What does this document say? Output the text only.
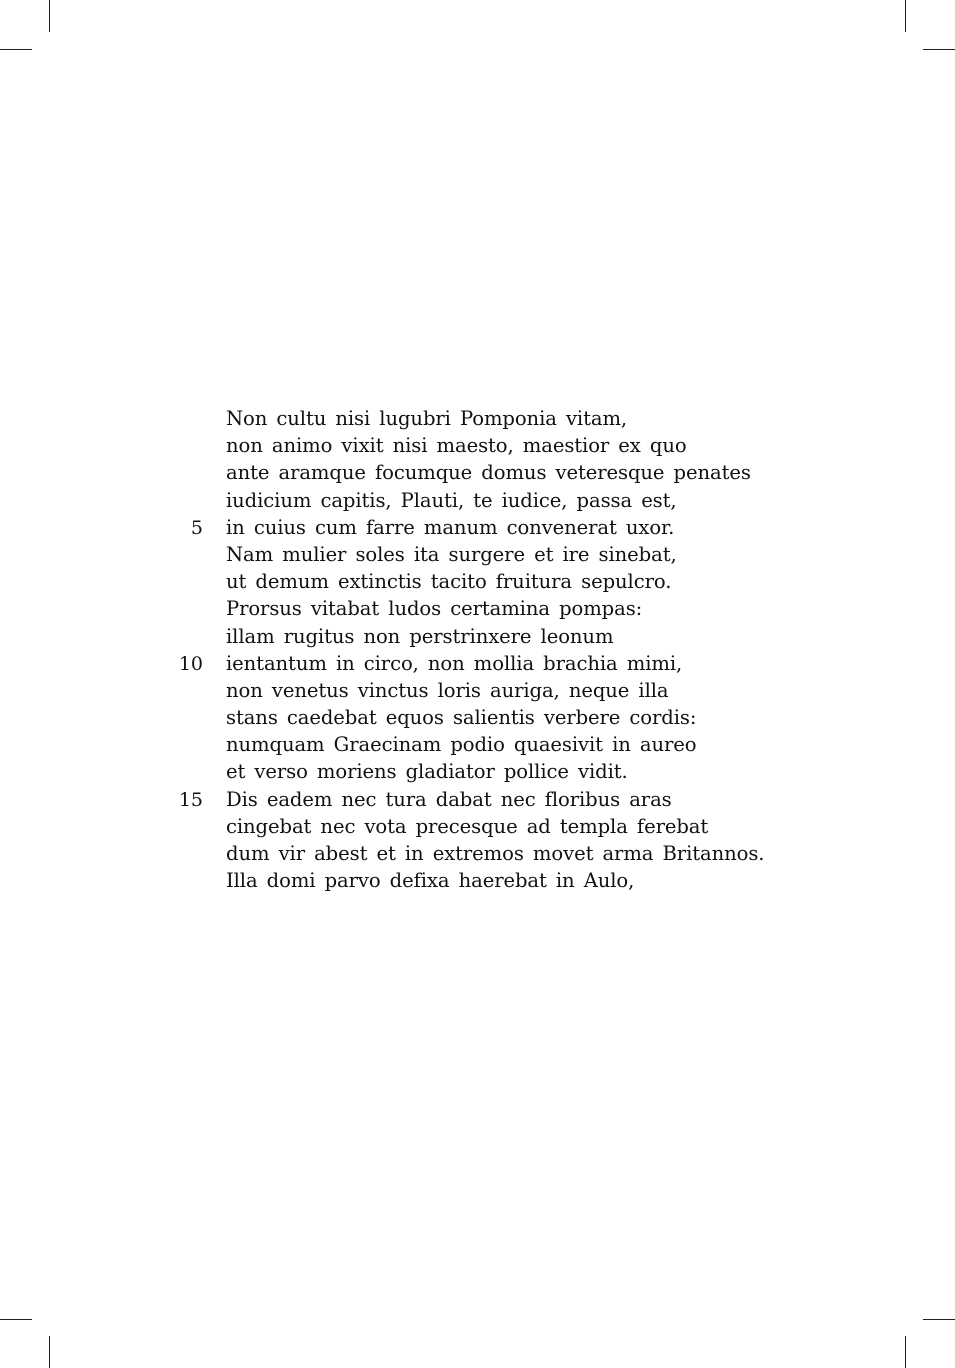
Non cultu nisi lugubri Pomponia vitam,
non animo vixit nisi maesto, maestior ex quo
ante aramque focumque domus veteresque penates
iudicium capitis, Plauti, te iudice, passa est,
5 in cuius cum farre manum convenerat uxor.
Nam mulier soles ita surgere et ire sinebat,
ut demum extinctis tacito fruitura sepulcro.
Prorsus vitabat ludos certamina pompas:
illam rugitus non perstrinxere leonum
10 ientantum in circo, non mollia brachia mimi,
non venetus vinctus loris auriga, neque illa
stans caedebat equos salientis verbere cordis:
numquam Graecinam podio quaesivit in aureo
et verso moriens gladiator pollice vidit.
15 Dis eadem nec tura dabat nec floribus aras
cingebat nec vota precesque ad templa ferebat
dum vir abest et in extremos movet arma Britannos.
Illa domi parvo defixa haerebat in Aulo,
